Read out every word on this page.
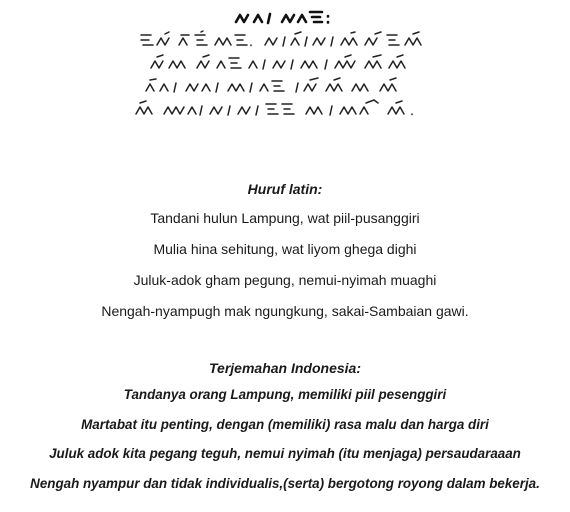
Huruf latin:
Tandani hulun Lampung, wat piil-pusanggiri
Mulia hina sehitung, wat liyom ghega dighi
Juluk-adok gham pegung, nemui-nyimah muaghi
Nengah-nyampugh mak ngungkung, sakai-Sambaian gawi.
Terjemahan Indonesia:
Tandanya orang Lampung, memiliki piil pesenggiri
Martabat itu penting, dengan (memiliki) rasa malu dan harga diri
Juluk adok kita pegang teguh, nemui nyimah (itu menjaga) persaudaraaan
Nengah nyampur dan tidak individualis,(serta) bergotong royong dalam bekerja.
